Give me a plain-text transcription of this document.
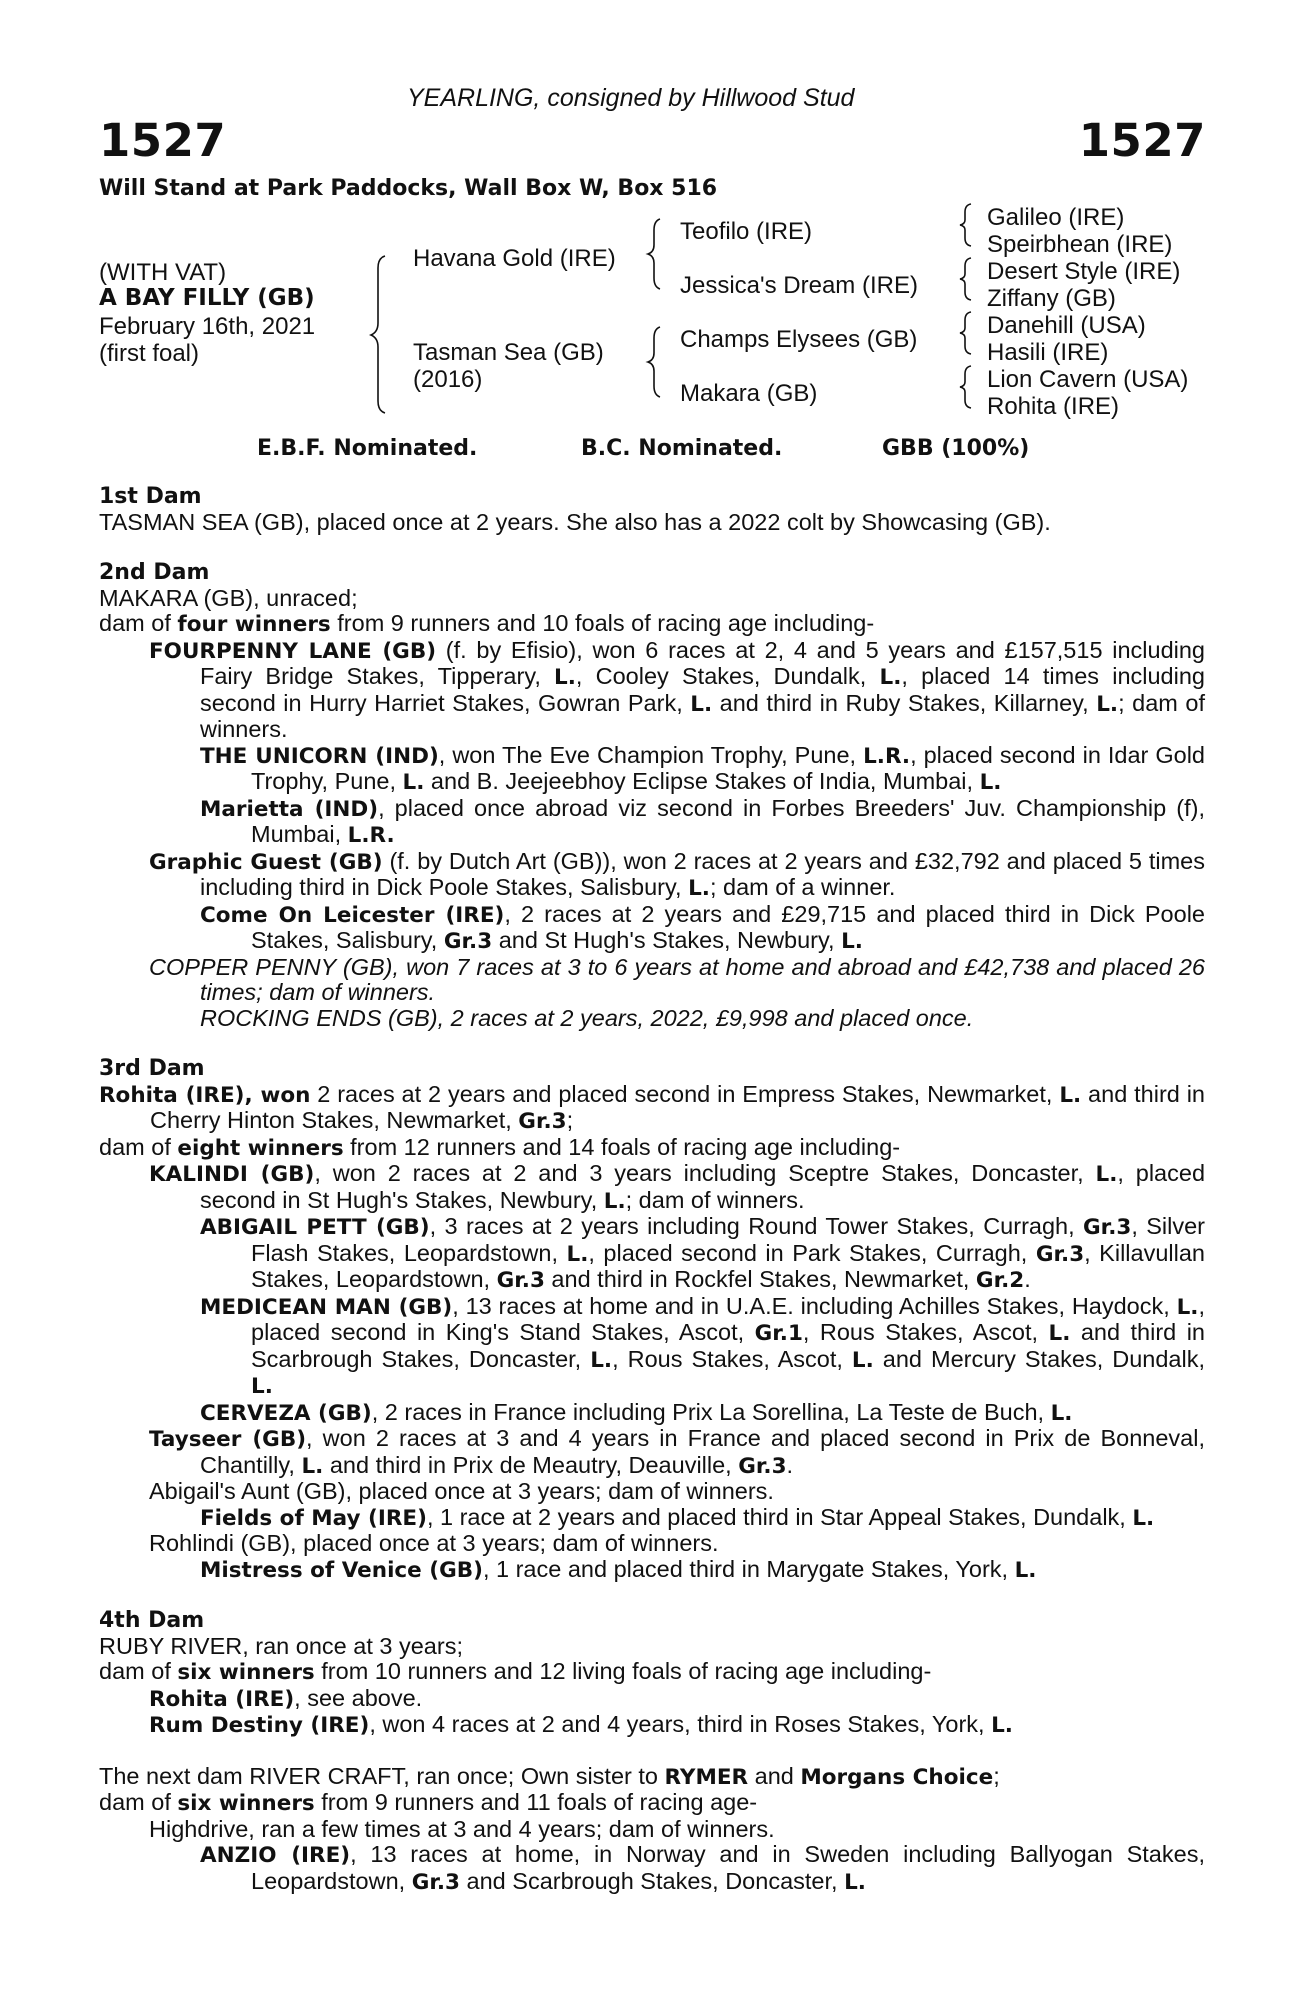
YEARLING, consigned by Hillwood Stud
1527	1527
Will Stand at Park Paddocks, Wall Box W, Box 516
(WITH VAT)
A BAY FILLY (GB)
February 16th, 2021
(first foal)
Havana Gold (IRE)
Tasman Sea (GB)
(2016)
Teofilo (IRE)
Jessica's Dream (IRE)
Champs Elysees (GB)
Makara (GB)
Galileo (IRE)
Speirbhean (IRE)
Desert Style (IRE)
Ziffany (GB)
Danehill (USA)
Hasili (IRE)
Lion Cavern (USA)
Rohita (IRE)
E.B.F. Nominated.	B.C. Nominated.	GBB (100%)

1st Dam

TASMAN SEA (GB), placed once at 2 years. She also has a 2022 colt by Showcasing (GB).

2nd Dam

MAKARA (GB), unraced;

dam of four winners from 9 runners and 10 foals of racing age including-

FOURPENNY LANE (GB) (f. by Efisio), won 6 races at 2, 4 and 5 years and £157,515 including Fairy Bridge Stakes, Tipperary, L., Cooley Stakes, Dundalk, L., placed 14 times including second in Hurry Harriet Stakes, Gowran Park, L. and third in Ruby Stakes, Killarney, L.; dam of winners.

THE UNICORN (IND), won The Eve Champion Trophy, Pune, L.R., placed second in Idar Gold Trophy, Pune, L. and B. Jeejeebhoy Eclipse Stakes of India, Mumbai, L.

Marietta (IND), placed once abroad viz second in Forbes Breeders' Juv. Championship (f), Mumbai, L.R.

Graphic Guest (GB) (f. by Dutch Art (GB)), won 2 races at 2 years and £32,792 and placed 5 times including third in Dick Poole Stakes, Salisbury, L.; dam of a winner.

Come On Leicester (IRE), 2 races at 2 years and £29,715 and placed third in Dick Poole Stakes, Salisbury, Gr.3 and St Hugh's Stakes, Newbury, L.

COPPER PENNY (GB), won 7 races at 3 to 6 years at home and abroad and £42,738 and placed 26 times; dam of winners.

ROCKING ENDS (GB), 2 races at 2 years, 2022, £9,998 and placed once.

3rd Dam

Rohita (IRE), won 2 races at 2 years and placed second in Empress Stakes, Newmarket, L. and third in Cherry Hinton Stakes, Newmarket, Gr.3;

dam of eight winners from 12 runners and 14 foals of racing age including-

KALINDI (GB), won 2 races at 2 and 3 years including Sceptre Stakes, Doncaster, L., placed second in St Hugh's Stakes, Newbury, L.; dam of winners.

ABIGAIL PETT (GB), 3 races at 2 years including Round Tower Stakes, Curragh, Gr.3, Silver Flash Stakes, Leopardstown, L., placed second in Park Stakes, Curragh, Gr.3, Killavullan Stakes, Leopardstown, Gr.3 and third in Rockfel Stakes, Newmarket, Gr.2.

MEDICEAN MAN (GB), 13 races at home and in U.A.E. including Achilles Stakes, Haydock, L., placed second in King's Stand Stakes, Ascot, Gr.1, Rous Stakes, Ascot, L. and third in Scarbrough Stakes, Doncaster, L., Rous Stakes, Ascot, L. and Mercury Stakes, Dundalk, L.

CERVEZA (GB), 2 races in France including Prix La Sorellina, La Teste de Buch, L.

Tayseer (GB), won 2 races at 3 and 4 years in France and placed second in Prix de Bonneval, Chantilly, L. and third in Prix de Meautry, Deauville, Gr.3.

Abigail's Aunt (GB), placed once at 3 years; dam of winners.

Fields of May (IRE), 1 race at 2 years and placed third in Star Appeal Stakes, Dundalk, L.

Rohlindi (GB), placed once at 3 years; dam of winners.

Mistress of Venice (GB), 1 race and placed third in Marygate Stakes, York, L.

4th Dam

RUBY RIVER, ran once at 3 years;

dam of six winners from 10 runners and 12 living foals of racing age including-

Rohita (IRE), see above.

Rum Destiny (IRE), won 4 races at 2 and 4 years, third in Roses Stakes, York, L.

The next dam RIVER CRAFT, ran once; Own sister to RYMER and Morgans Choice;

dam of six winners from 9 runners and 11 foals of racing age-

Highdrive, ran a few times at 3 and 4 years; dam of winners.

ANZIO (IRE), 13 races at home, in Norway and in Sweden including Ballyogan Stakes, Leopardstown, Gr.3 and Scarbrough Stakes, Doncaster, L.
